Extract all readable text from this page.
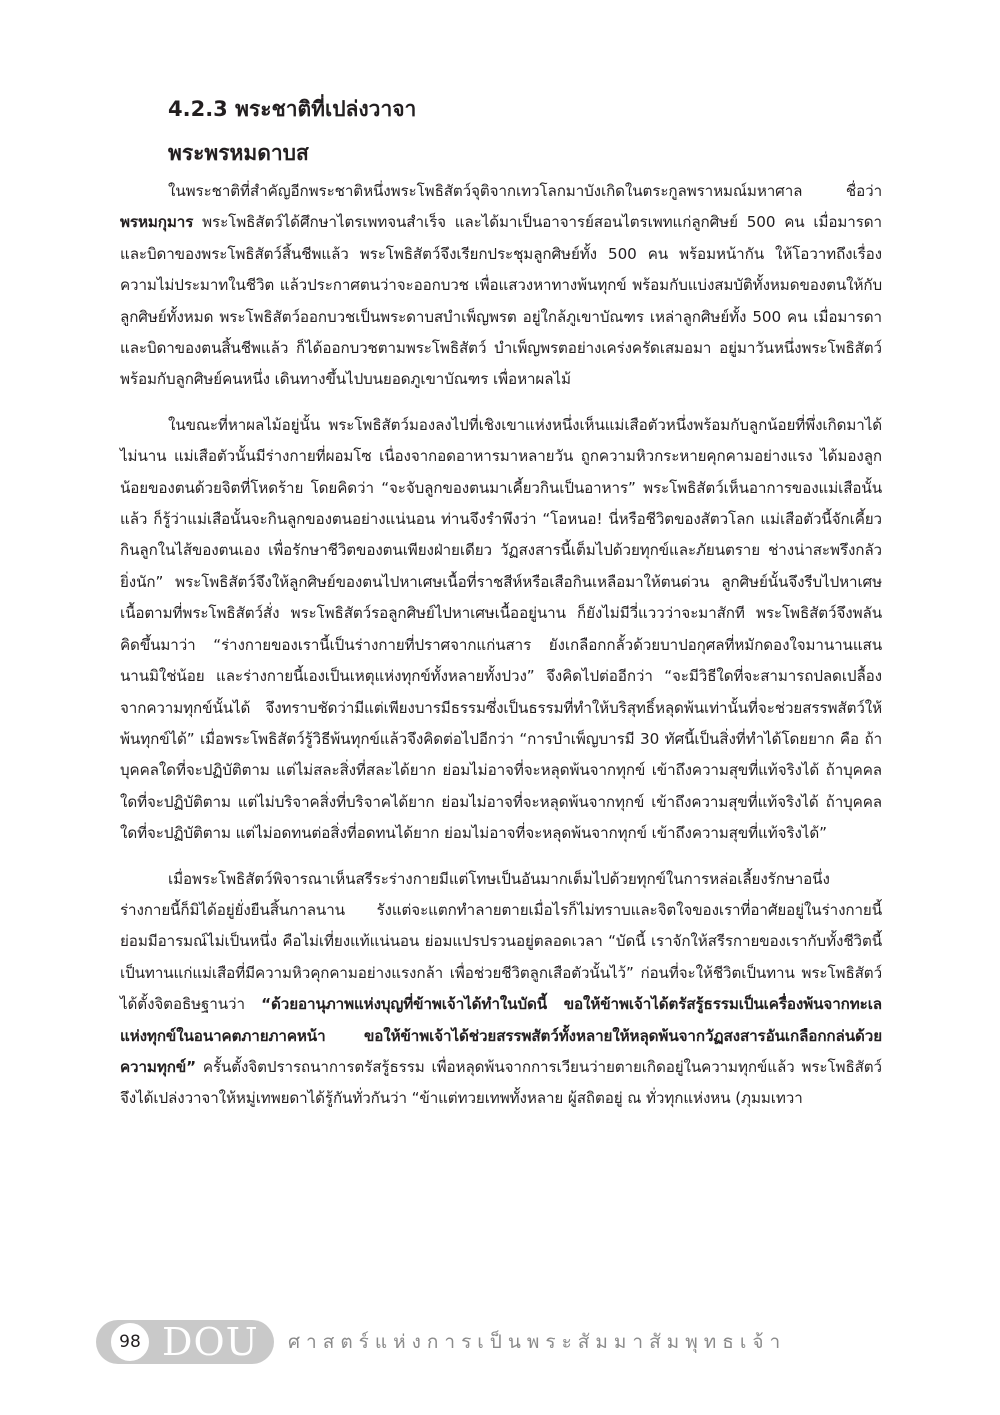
4.2.3 พระชาติที่เปล่งวาจา
พระพรหมดาบส

ในพระชาติที่สำคัญอีกพระชาติหนึ่งพระโพธิสัตว์จุติจากเทวโลกมาบังเกิดในตระกูลพราหมณ์มหาศาล ชื่อว่า พรหมกุมาร พระโพธิสัตว์ได้ศึกษาไตรเพทจนสำเร็จ และได้มาเป็นอาจารย์สอนไตรเพทแก่ลูกศิษย์ 500 คน เมื่อมารดาและบิดาของพระโพธิสัตว์สิ้นชีพแล้ว พระโพธิสัตว์จึงเรียกประชุมลูกศิษย์ทั้ง 500 คน พร้อมหน้ากัน ให้โอวาทถึงเรื่องความไม่ประมาทในชีวิต แล้วประกาศตนว่าจะออกบวช เพื่อแสวงหาทางพ้นทุกข์ พร้อมกับแบ่งสมบัติทั้งหมดของตนให้กับลูกศิษย์ทั้งหมด พระโพธิสัตว์ออกบวชเป็นพระดาบสบำเพ็ญพรต อยู่ใกล้ภูเขาบัณฑร เหล่าลูกศิษย์ทั้ง 500 คน เมื่อมารดาและบิดาของตนสิ้นชีพแล้ว ก็ได้ออกบวชตามพระโพธิสัตว์ บำเพ็ญพรตอย่างเคร่งครัดเสมอมา อยู่มาวันหนึ่งพระโพธิสัตว์พร้อมกับลูกศิษย์คนหนึ่ง เดินทางขึ้นไปบนยอดภูเขาบัณฑร เพื่อหาผลไม้

ในขณะที่หาผลไม้อยู่นั้น พระโพธิสัตว์มองลงไปที่เชิงเขาแห่งหนึ่งเห็นแม่เสือตัวหนึ่งพร้อมกับลูกน้อยที่พึ่งเกิดมาได้ไม่นาน แม่เสือตัวนั้นมีร่างกายที่ผอมโซ เนื่องจากอดอาหารมาหลายวัน ถูกความหิวกระหายคุกคามอย่างแรง ได้มองลูกน้อยของตนด้วยจิตที่โหดร้าย โดยคิดว่า “จะจับลูกของตนมาเคี้ยวกินเป็นอาหาร” พระโพธิสัตว์เห็นอาการของแม่เสือนั้นแล้ว ก็รู้ว่าแม่เสือนั้นจะกินลูกของตนอย่างแน่นอน ท่านจึงรำพึงว่า “โอหนอ! นี่หรือชีวิตของสัตวโลก แม่เสือตัวนี้จักเคี้ยวกินลูกในไส้ของตนเอง เพื่อรักษาชีวิตของตนเพียงฝ่ายเดียว วัฏสงสารนี้เต็มไปด้วยทุกข์และภัยนตราย ช่างน่าสะพรึงกลัวยิ่งนัก” พระโพธิสัตว์จึงให้ลูกศิษย์ของตนไปหาเศษเนื้อที่ราชสีห์หรือเสือกินเหลือมาให้ตนด่วน ลูกศิษย์นั้นจึงรีบไปหาเศษเนื้อตามที่พระโพธิสัตว์สั่ง พระโพธิสัตว์รอลูกศิษย์ไปหาเศษเนื้ออยู่นาน ก็ยังไม่มีวี่แววว่าจะมาสักที พระโพธิสัตว์จึงพลันคิดขึ้นมาว่า “ร่างกายของเรานี้เป็นร่างกายที่ปราศจากแก่นสาร ยังเกลือกกลั้วด้วยบาปอกุศลที่หมักดองใจมานานแสนนานมิใช่น้อย และร่างกายนี้เองเป็นเหตุแห่งทุกข์ทั้งหลายทั้งปวง” จึงคิดไปต่ออีกว่า “จะมีวิธีใดที่จะสามารถปลดเปลื้องจากความทุกข์นั้นได้ จึงทราบชัดว่ามีแต่เพียงบารมีธรรมซึ่งเป็นธรรมที่ทำให้บริสุทธิ์หลุดพ้นเท่านั้นที่จะช่วยสรรพสัตว์ให้พ้นทุกข์ได้” เมื่อพระโพธิสัตว์รู้วิธีพ้นทุกข์แล้วจึงคิดต่อไปอีกว่า “การบำเพ็ญบารมี 30 ทัศนี้เป็นสิ่งที่ทำได้โดยยาก คือ ถ้าบุคคลใดที่จะปฏิบัติตาม แต่ไม่สละสิ่งที่สละได้ยาก ย่อมไม่อาจที่จะหลุดพ้นจากทุกข์ เข้าถึงความสุขที่แท้จริงได้ ถ้าบุคคลใดที่จะปฏิบัติตาม แต่ไม่บริจาคสิ่งที่บริจาคได้ยาก ย่อมไม่อาจที่จะหลุดพ้นจากทุกข์ เข้าถึงความสุขที่แท้จริงได้ ถ้าบุคคลใดที่จะปฏิบัติตาม แต่ไม่อดทนต่อสิ่งที่อดทนได้ยาก ย่อมไม่อาจที่จะหลุดพ้นจากทุกข์ เข้าถึงความสุขที่แท้จริงได้”

เมื่อพระโพธิสัตว์พิจารณาเห็นสรีระร่างกายมีแต่โทษเป็นอันมากเต็มไปด้วยทุกข์ในการหล่อเลี้ยงรักษาอนึ่ง ร่างกายนี้ก็มิได้อยู่ยั่งยืนสิ้นกาลนาน รังแต่จะแตกทำลายตายเมื่อไรก็ไม่ทราบและจิตใจของเราที่อาศัยอยู่ในร่างกายนี้ ย่อมมีอารมณ์ไม่เป็นหนึ่ง คือไม่เที่ยงแท้แน่นอน ย่อมแปรปรวนอยู่ตลอดเวลา “บัดนี้ เราจักให้สรีรกายของเรากับทั้งชีวิตนี้เป็นทานแก่แม่เสือที่มีความหิวคุกคามอย่างแรงกล้า เพื่อช่วยชีวิตลูกเสือตัวนั้นไว้” ก่อนที่จะให้ชีวิตเป็นทาน พระโพธิสัตว์ได้ตั้งจิตอธิษฐานว่า “ด้วยอานุภาพแห่งบุญที่ข้าพเจ้าได้ทำในบัดนี้ ขอให้ข้าพเจ้าได้ตรัสรู้ธรรมเป็นเครื่องพ้นจากทะเลแห่งทุกข์ในอนาคตภายภาคหน้า ขอให้ข้าพเจ้าได้ช่วยสรรพสัตว์ทั้งหลายให้หลุดพ้นจากวัฏสงสารอันเกลือกกล่นด้วยความทุกข์” ครั้นตั้งจิตปรารถนาการตรัสรู้ธรรม เพื่อหลุดพ้นจากการเวียนว่ายตายเกิดอยู่ในความทุกข์แล้ว พระโพธิสัตว์จึงได้เปล่งวาจาให้หมู่เทพยดาได้รู้กันทั่วกันว่า “ข้าแต่ทวยเทพทั้งหลาย ผู้สถิตอยู่ ณ ทั่วทุกแห่งหน (ภุมมเทวา

98 DOU ศาสตร์แห่งการเป็นพระสัมมาสัมพุทธเจ้า
